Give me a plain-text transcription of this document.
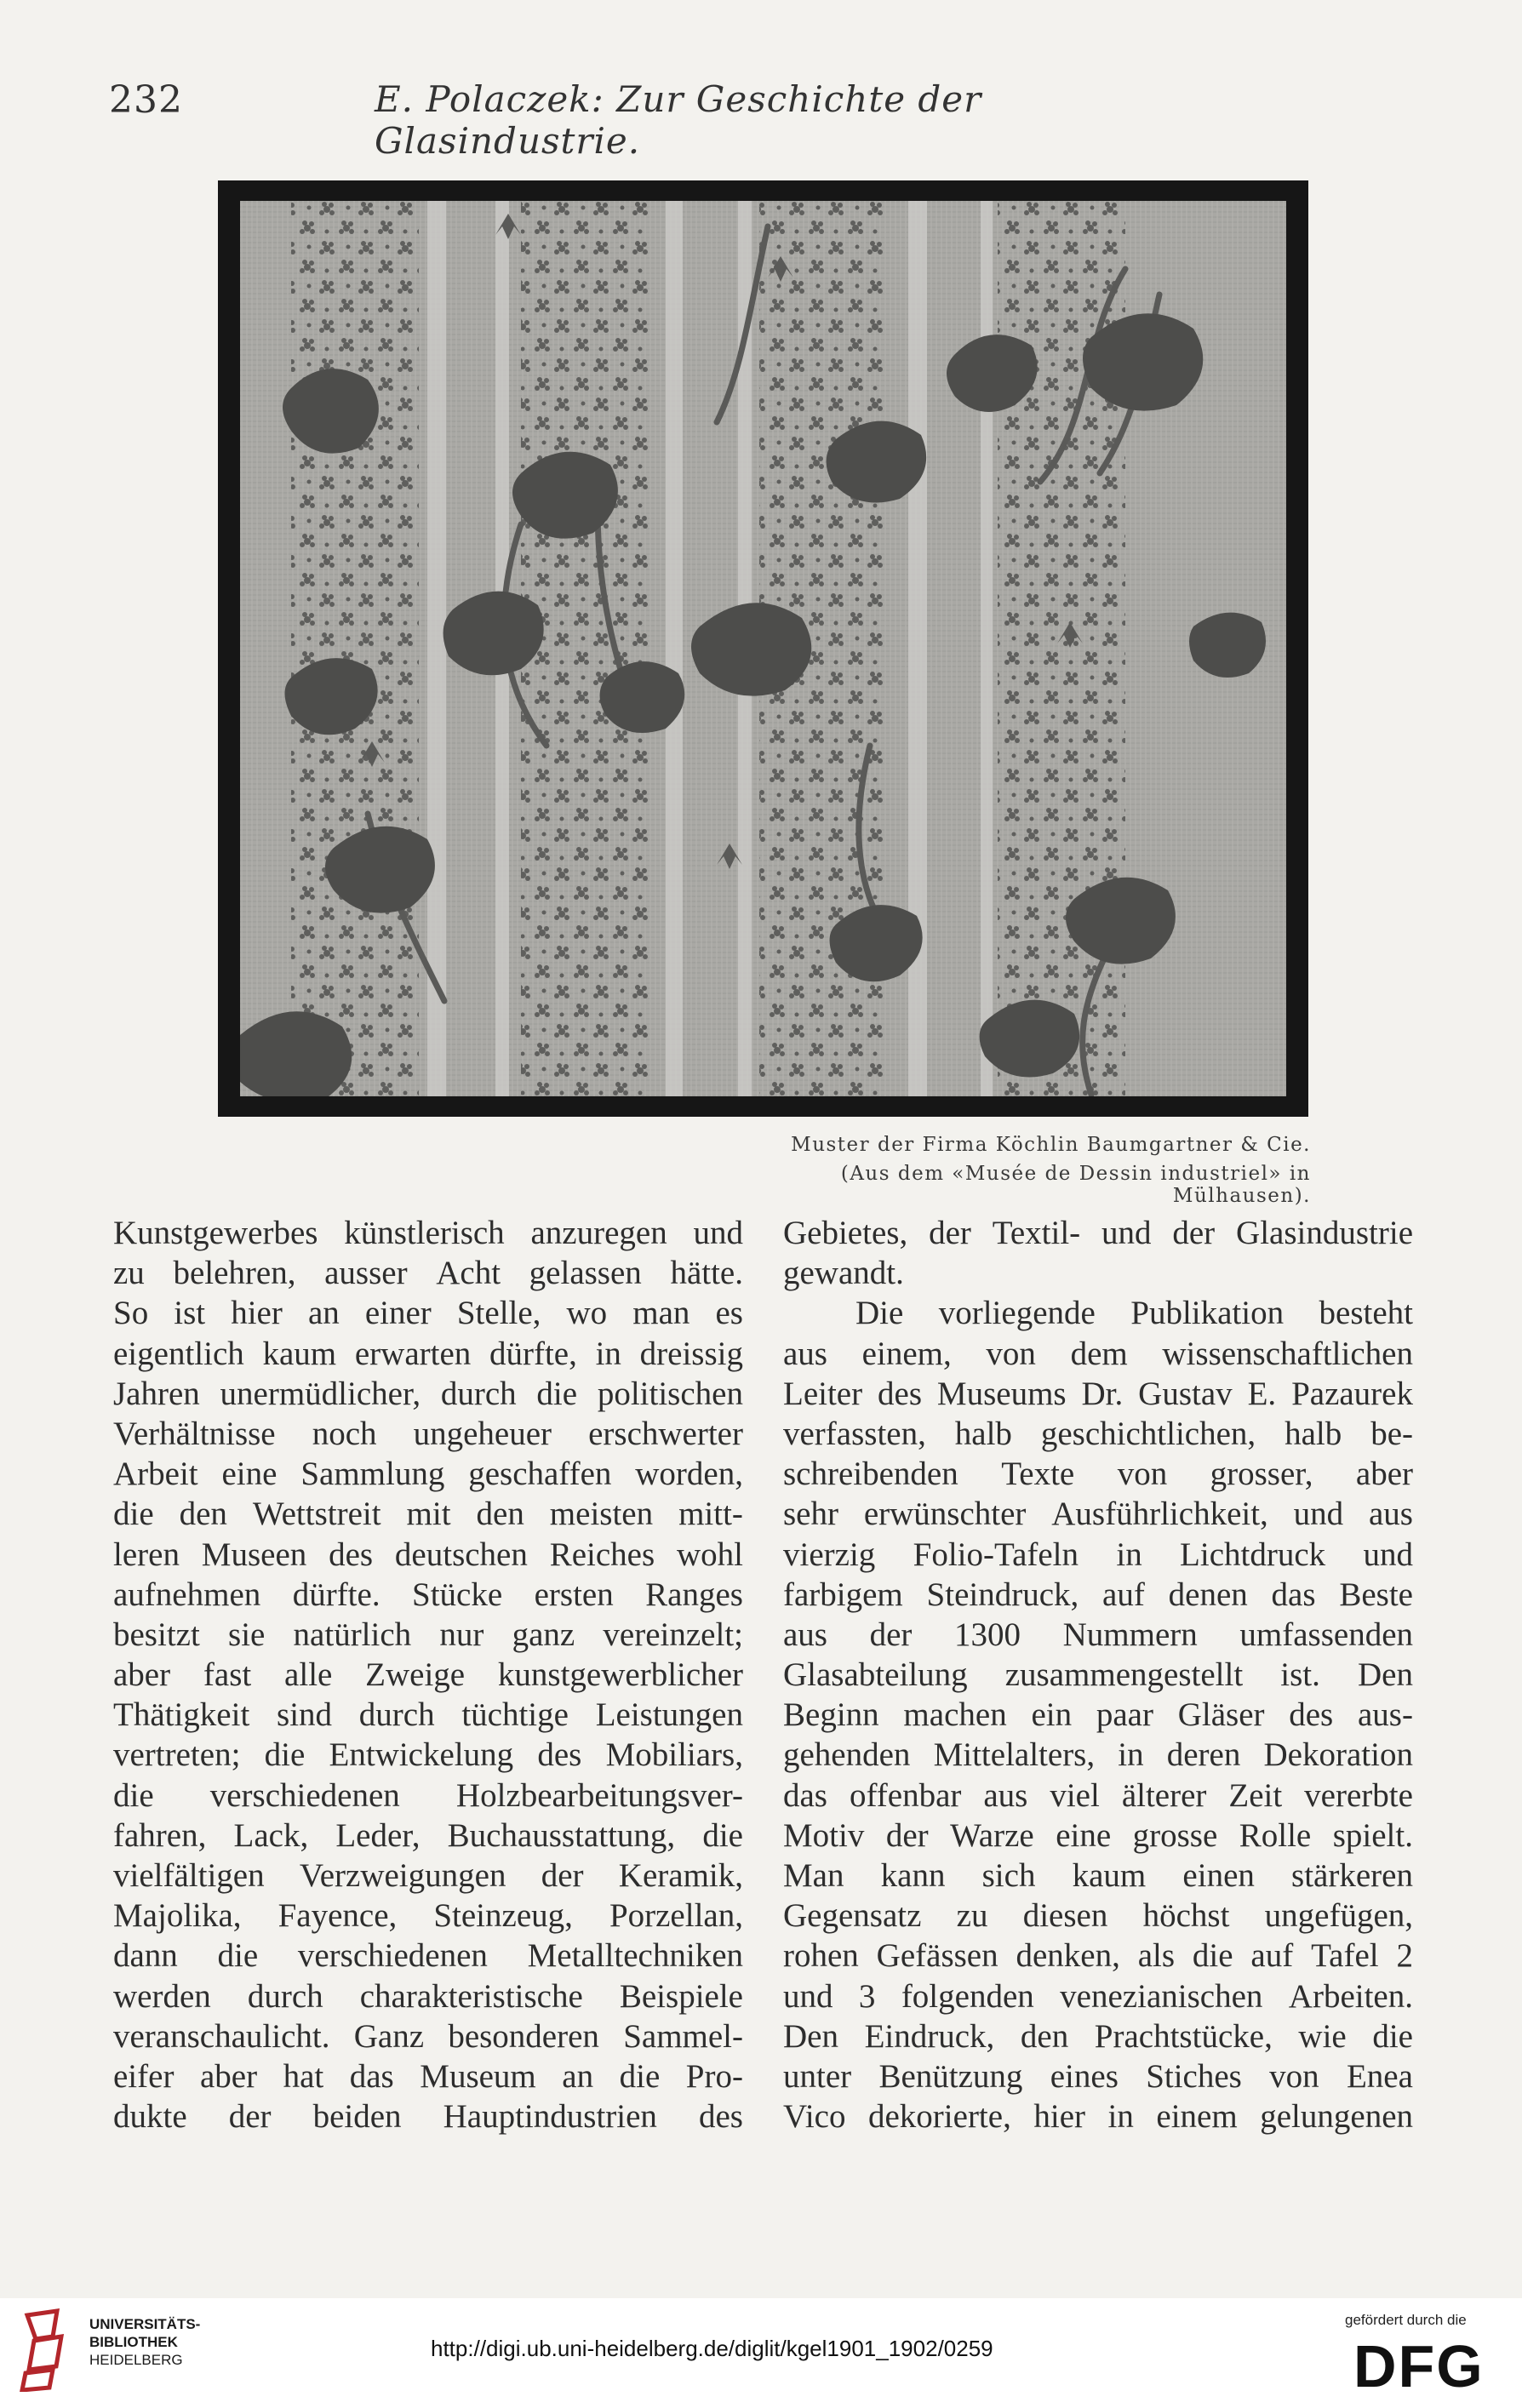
232	E. Polaczek: Zur Geschichte der Glasindustrie.
Muster der Firma Köchlin Baumgartner & Cie.
(Aus dem «Musée de Dessin industriel» in Mülhausen).
Kunstgewerbes künstlerisch anzuregen und
zu belehren, ausser Acht gelassen hätte.
So ist hier an einer Stelle, wo man es
eigentlich kaum erwarten dürfte, in dreissig
Jahren unermüdlicher, durch die politischen
Verhältnisse noch ungeheuer erschwerter
Arbeit eine Sammlung geschaffen worden,
die den Wettstreit mit den meisten mitt-
leren Museen des deutschen Reiches wohl
aufnehmen dürfte. Stücke ersten Ranges
besitzt sie natürlich nur ganz vereinzelt;
aber fast alle Zweige kunstgewerblicher
Thätigkeit sind durch tüchtige Leistungen
vertreten; die Entwickelung des Mobiliars,
die verschiedenen Holzbearbeitungsver-
fahren, Lack, Leder, Buchausstattung, die
vielfältigen Verzweigungen der Keramik,
Majolika, Fayence, Steinzeug, Porzellan,
dann die verschiedenen Metalltechniken
werden durch charakteristische Beispiele
veranschaulicht. Ganz besonderen Sammel-
eifer aber hat das Museum an die Pro-
dukte der beiden Hauptindustrien des
Gebietes, der Textil- und der Glasindustrie
gewandt.
Die vorliegende Publikation besteht
aus einem, von dem wissenschaftlichen
Leiter des Museums Dr. Gustav E. Pazaurek
verfassten, halb geschichtlichen, halb be-
schreibenden Texte von grosser, aber
sehr erwünschter Ausführlichkeit, und aus
vierzig Folio-Tafeln in Lichtdruck und
farbigem Steindruck, auf denen das Beste
aus der 1300 Nummern umfassenden
Glasabteilung zusammengestellt ist. Den
Beginn machen ein paar Gläser des aus-
gehenden Mittelalters, in deren Dekoration
das offenbar aus viel älterer Zeit vererbte
Motiv der Warze eine grosse Rolle spielt.
Man kann sich kaum einen stärkeren
Gegensatz zu diesen höchst ungefügen,
rohen Gefässen denken, als die auf Tafel 2
und 3 folgenden venezianischen Arbeiten.
Den Eindruck, den Prachtstücke, wie die
unter Benützung eines Stiches von Enea
Vico dekorierte, hier in einem gelungenen
UNIVERSITÄTS-
BIBLIOTHEK
HEIDELBERG	http://digi.ub.uni-heidelberg.de/diglit/kgel1901_1902/0259
gefördert durch die
DFG
